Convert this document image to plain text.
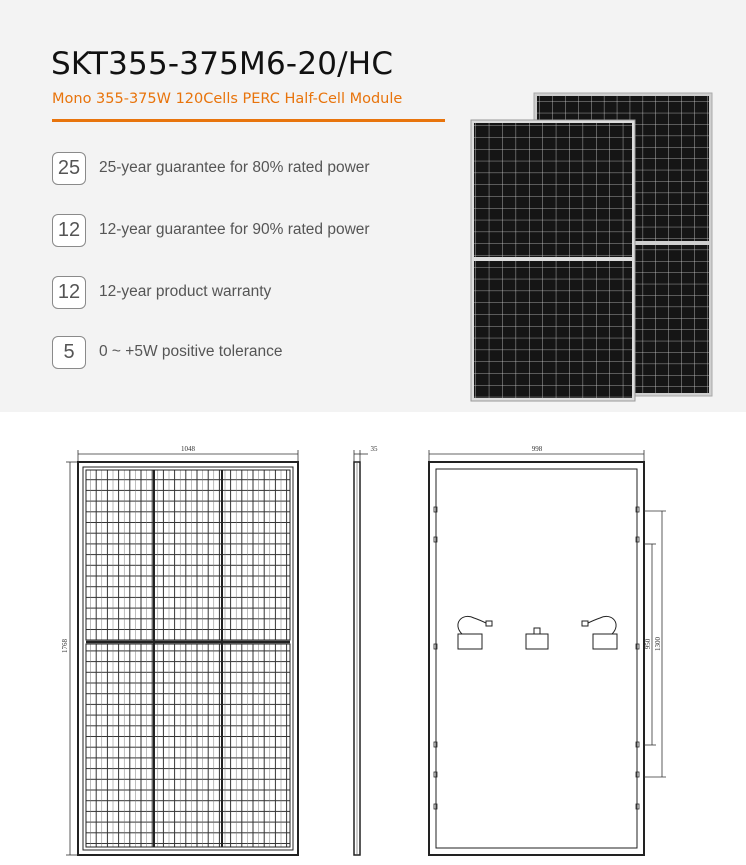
SKT355-375M6-20/HC
Mono 355-375W 120Cells PERC Half-Cell Module
25	25-year guarantee for 80% rated power
12	12-year guarantee for 90% rated power
12	12-year product warranty
5	0 ~ +5W positive tolerance
1048
1768
35	998
950 1300
